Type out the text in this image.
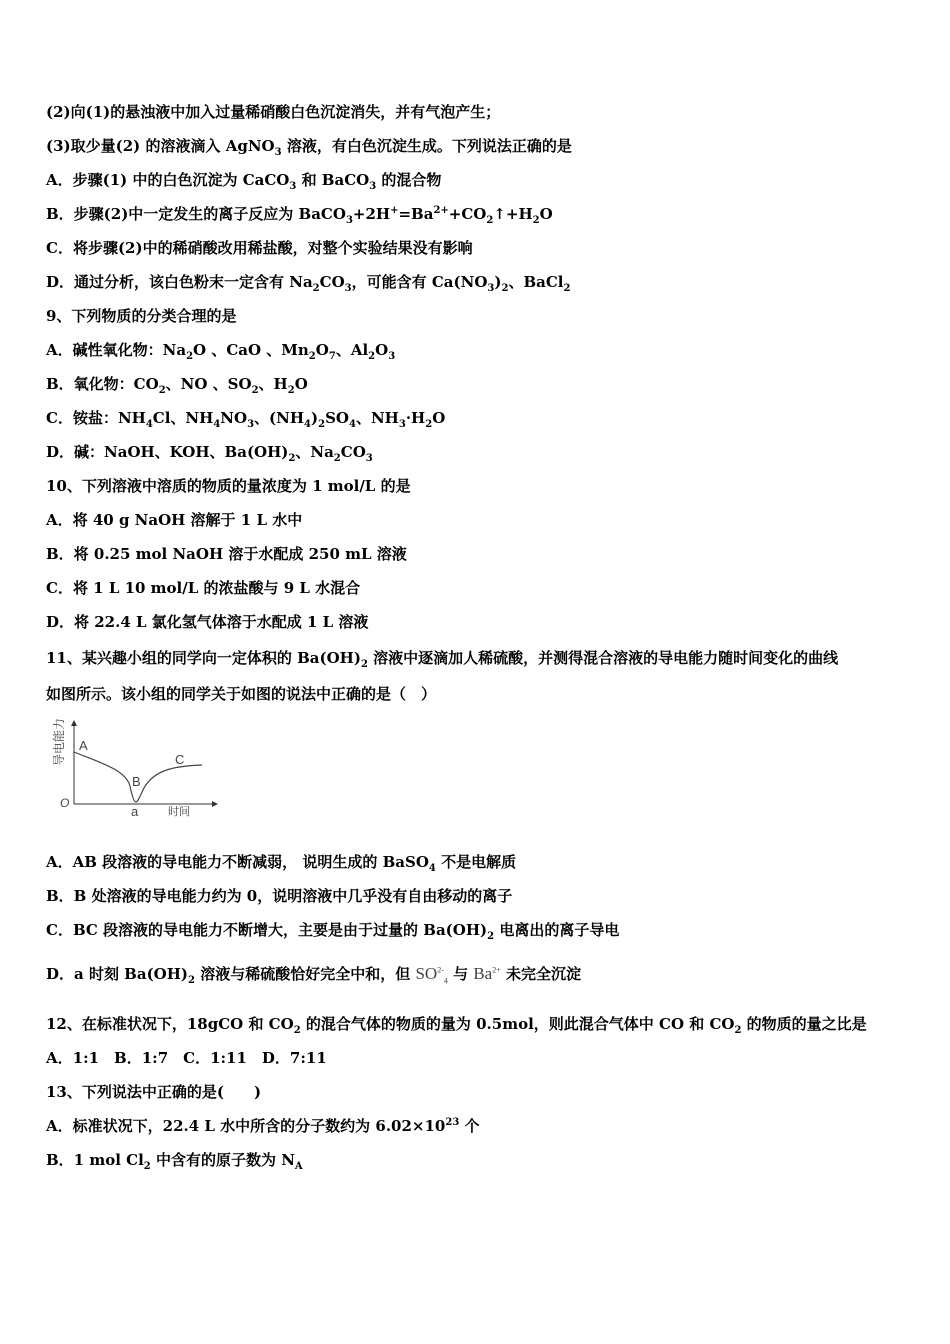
(2)向(1)的悬浊液中加入过量稀硝酸白色沉淀消失，并有气泡产生；
(3)取少量(2) 的溶液滴入 AgNO$_3$ 溶液，有白色沉淀生成。下列说法正确的是
A．步骤(1) 中的白色沉淀为 CaCO$_3$ 和 BaCO$_3$ 的混合物
B．步骤(2)中一定发生的离子反应为 $BaCO_3+2H^+=Ba^{2+}+CO_2↑+H_2O$
C．将步骤(2)中的稀硝酸改用稀盐酸，对整个实验结果没有影响
D．通过分析，该白色粉末一定含有 $Na_2CO_3$，可能含有 $Ca(NO_3)_2$、BaCl$_2$
9、下列物质的分类合理的是
A．碱性氧化物：$Na_2O$ 、CaO 、$Mn_2O_7$、$Al_2O_3$
B．氧化物：$CO_2$、NO 、$SO_2$、$H_2O$
C．铵盐：$NH_4Cl$、$NH_4NO_3$、$(NH_4)_2SO_4$、$NH_3\cdot H_2O$
D．碱：NaOH、KOH、$Ba(OH)_2$、$Na_2CO_3$
10、下列溶液中溶质的物质的量浓度为 1 mol/L 的是
A．将 40 g NaOH 溶解于 1 L 水中
B．将 0.25 mol NaOH 溶于水配成 250 mL 溶液
C．将 1 L 10 mol/L 的浓盐酸与 9 L 水混合
D．将 22.4 L 氯化氢气体溶于水配成 1 L 溶液
11、某兴趣小组的同学向一定体积的 $Ba(OH)_2$ 溶液中逐滴加人稀硫酸，并测得混合溶液的导电能力随时间变化的曲线
如图所示。该小组的同学关于如图的说法中正确的是（　）
导电能力
时间
O
A
B
C
a
A．AB 段溶液的导电能力不断减弱， 说明生成的 BaSO$_4$ 不是电解质
B．B 处溶液的导电能力约为 0，说明溶液中几乎没有自由移动的离子
C．BC 段溶液的导电能力不断增大，主要是由于过量的 $Ba(OH)_2$ 电离出的离子导电
D．a 时刻 $Ba(OH)_2$ 溶液与稀硫酸恰好完全中和，但 $SO^{2-}_4$ 与 $Ba^{2+}$ 未完全沉淀
12、在标准状况下，18gCO 和 $CO_2$ 的混合气体的物质的量为 0.5mol，则此混合气体中 CO 和 $CO_2$ 的物质的量之比是
A．1:1　B．1:7　C．1:11　D．7:11
13、下列说法中正确的是(　　)
A．标准状况下，22.4 L 水中所含的分子数约为 $6.02\times 10^{23}$ 个
B．1 mol $Cl_2$ 中含有的原子数为 $N_A$
